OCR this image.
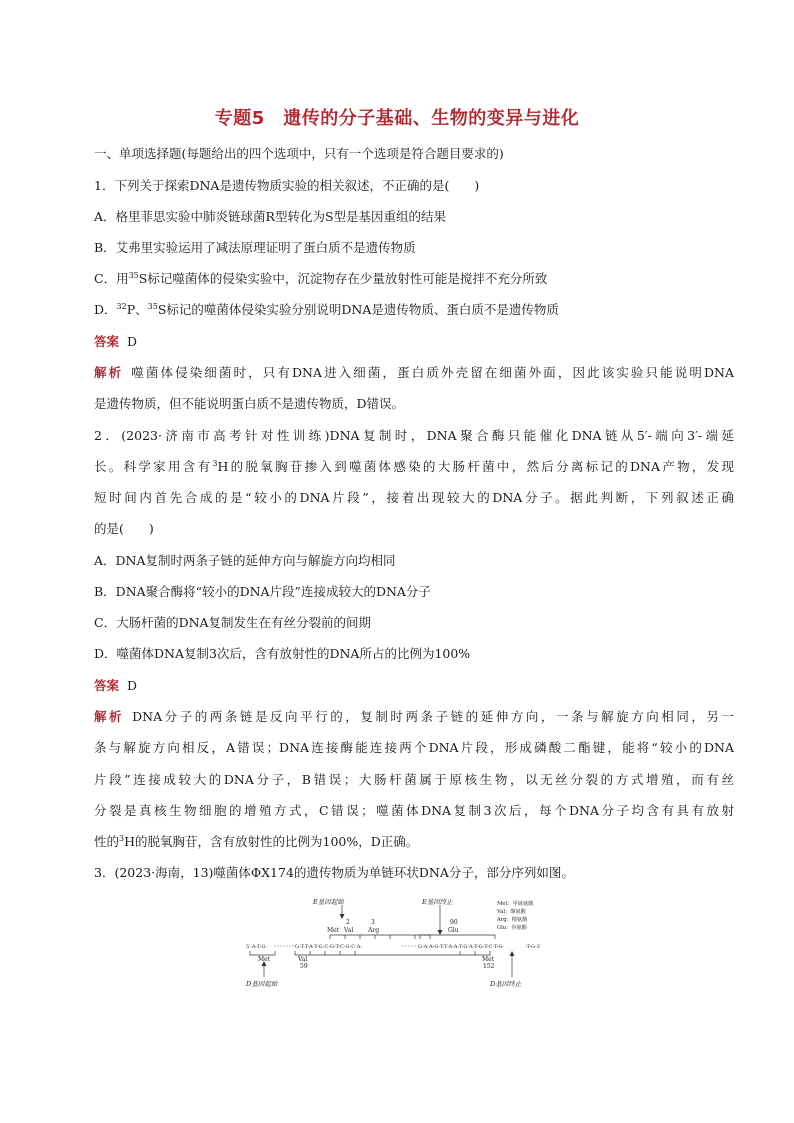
专题5　遗传的分子基础、生物的变异与进化
一、单项选择题(每题给出的四个选项中，只有一个选项是符合题目要求的)
1．下列关于探索DNA是遗传物质实验的相关叙述，不正确的是(　　)
A．格里菲思实验中肺炎链球菌R型转化为S型是基因重组的结果
B．艾弗里实验运用了减法原理证明了蛋白质不是遗传物质
C．用$^{35}$S标记噬菌体的侵染实验中，沉淀物存在少量放射性可能是搅拌不充分所致
D．$^{32}$P、$^{35}$S标记的噬菌体侵染实验分别说明DNA是遗传物质、蛋白质不是遗传物质
答案 D
解析 噬菌体侵染细菌时，只有DNA进入细菌，蛋白质外壳留在细菌外面，因此该实验只能说明DNA
是遗传物质，但不能说明蛋白质不是遗传物质，D错误。
2．(2023·济南市高考针对性训练)DNA复制时，DNA聚合酶只能催化DNA链从5′-端向3′-端延
长。科学家用含有$^3$H的脱氧胸苷掺入到噬菌体感染的大肠杆菌中，然后分离标记的DNA产物，发现
短时间内首先合成的是“较小的DNA片段”，接着出现较大的DNA分子。据此判断，下列叙述正确
的是(　　)
A．DNA复制时两条子链的延伸方向与解旋方向均相同
B．DNA聚合酶将“较小的DNA片段”连接成较大的DNA分子
C．大肠杆菌的DNA复制发生在有丝分裂前的间期
D．噬菌体DNA复制3次后，含有放射性的DNA所占的比例为100%
答案 D
解析 DNA分子的两条链是反向平行的，复制时两条子链的延伸方向，一条与解旋方向相同，另一
条与解旋方向相反，A错误；DNA连接酶能连接两个DNA片段，形成磷酸二酯键，能将“较小的DNA
片段”连接成较大的DNA分子，B错误；大肠杆菌属于原核生物，以无丝分裂的方式增殖，而有丝
分裂是真核生物细胞的增殖方式，C错误；噬菌体DNA复制3次后，每个DNA分子均含有具有放射
性的$^3$H的脱氧胸苷，含有放射性的比例为100%，D正确。
3．(2023·海南，13)噬菌体ΦX174的遗传物质为单链环状DNA分子，部分序列如图。
E基因起始	E基因终止
D基因起始	D基因终止
Met
2
Val
3
Arg
90
Glu
Met	Val
59
Met
152
Met：甲硫氨酸
Val：缬氨酸
Arg：精氨酸
Glu：谷氨酸
5′-A-T-G-	G-T-T-A-T-G-C-G-T-C-G-C-A-	G-A-A-G-T-T-A-A-T-G-A-T-G-T-C-T-G-	-T-G-3′
